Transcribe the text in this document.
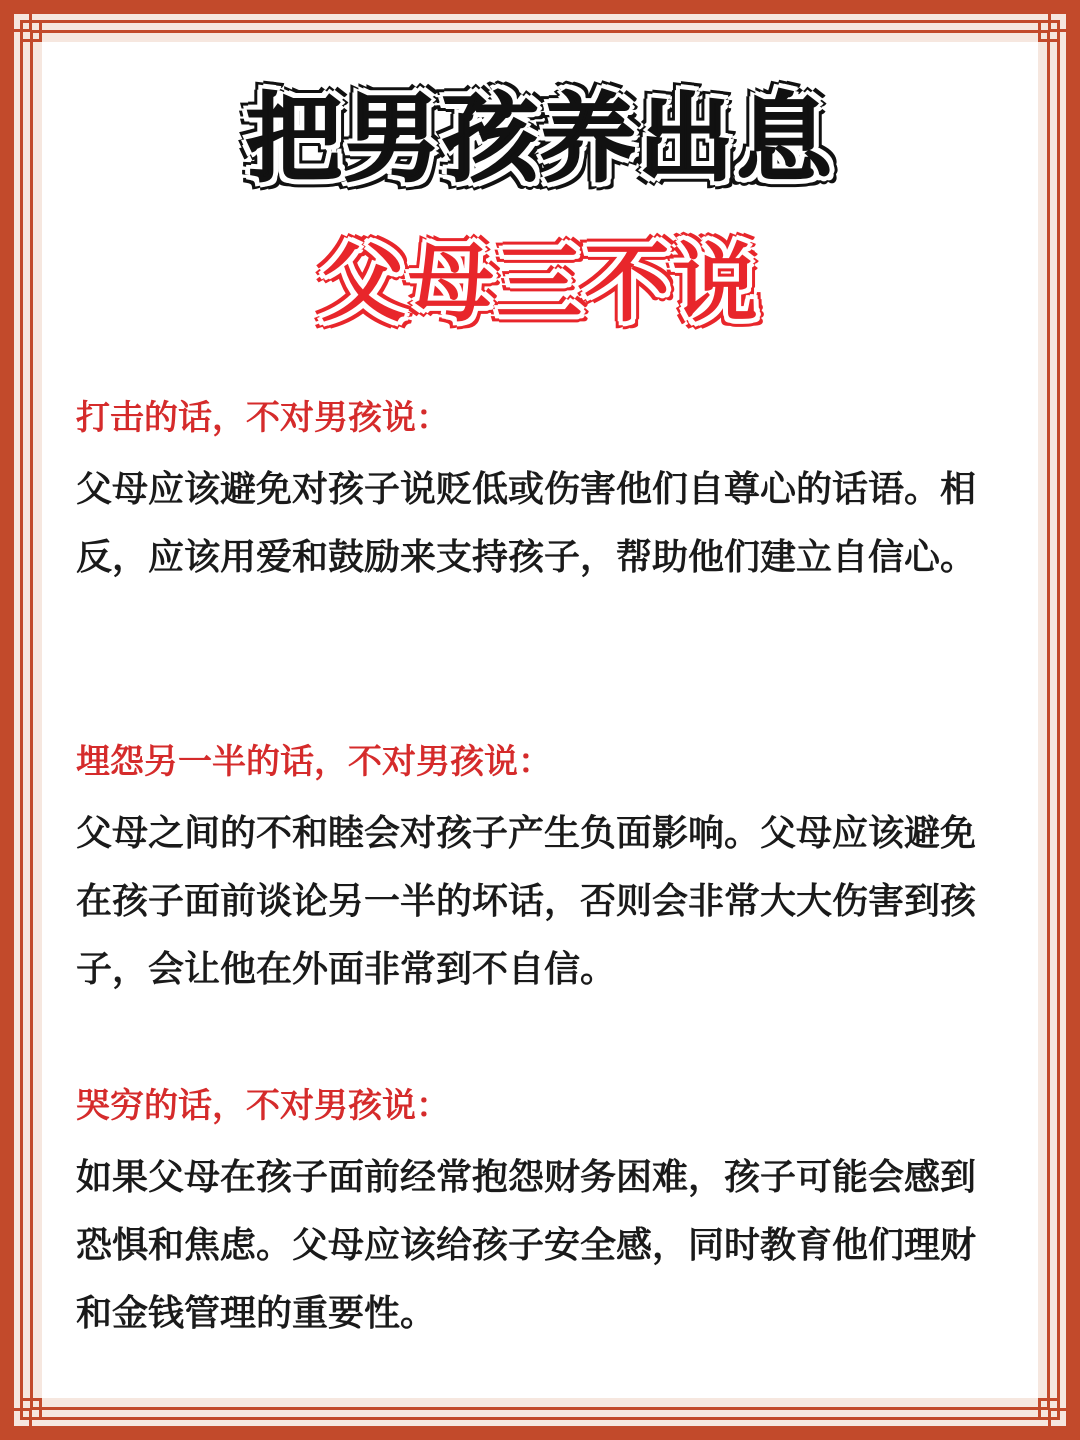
把男孩养出息
父母三不说

打击的话，不对男孩说：

父母应该避免对孩子说贬低或伤害他们自尊心的话语。相反，应该用爱和鼓励来支持孩子，帮助他们建立自信心。

埋怨另一半的话，不对男孩说：

父母之间的不和睦会对孩子产生负面影响。父母应该避免在孩子面前谈论另一半的坏话，否则会非常大大伤害到孩子，会让他在外面非常到不自信。

哭穷的话，不对男孩说：

如果父母在孩子面前经常抱怨财务困难，孩子可能会感到恐惧和焦虑。父母应该给孩子安全感，同时教育他们理财和金钱管理的重要性。
